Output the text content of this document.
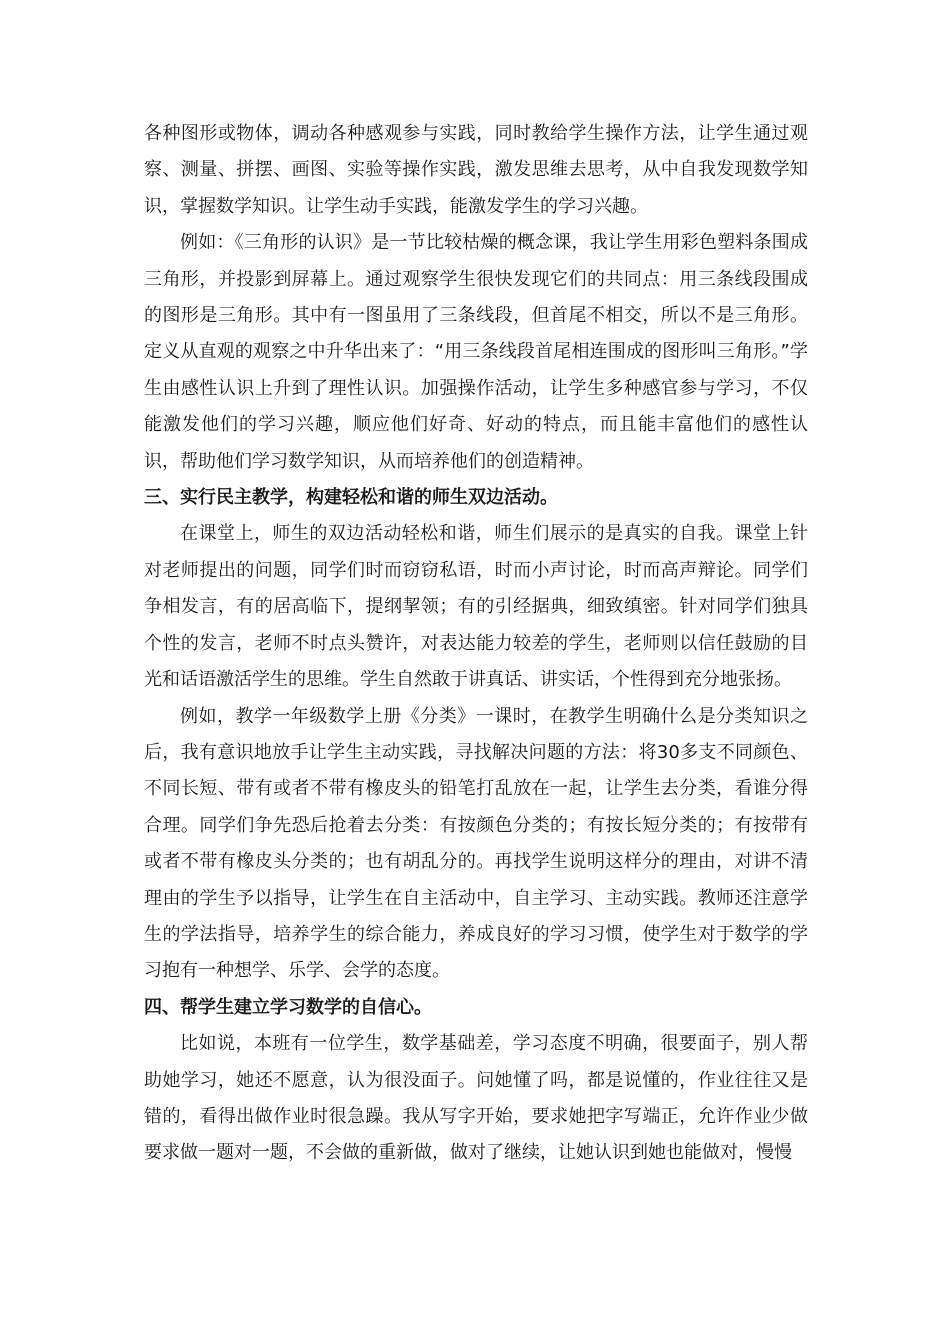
各种图形或物体，调动各种感观参与实践，同时教给学生操作方法，让学生通过观察、测量、拼摆、画图、实验等操作实践，激发思维去思考，从中自我发现数学知识，掌握数学知识。让学生动手实践，能激发学生的学习兴趣。

例如：《三角形的认识》是一节比较枯燥的概念课，我让学生用彩色塑料条围成三角形，并投影到屏幕上。通过观察学生很快发现它们的共同点：用三条线段围成的图形是三角形。其中有一图虽用了三条线段，但首尾不相交，所以不是三角形。定义从直观的观察之中升华出来了：“用三条线段首尾相连围成的图形叫三角形。”学生由感性认识上升到了理性认识。加强操作活动，让学生多种感官参与学习，不仅能激发他们的学习兴趣，顺应他们好奇、好动的特点，而且能丰富他们的感性认识，帮助他们学习数学知识，从而培养他们的创造精神。

三、实行民主教学，构建轻松和谐的师生双边活动。

在课堂上，师生的双边活动轻松和谐，师生们展示的是真实的自我。课堂上针对老师提出的问题，同学们时而窃窃私语，时而小声讨论，时而高声辩论。同学们争相发言，有的居高临下，提纲挈领；有的引经据典，细致缜密。针对同学们独具个性的发言，老师不时点头赞许，对表达能力较差的学生，老师则以信任鼓励的目光和话语激活学生的思维。学生自然敢于讲真话、讲实话，个性得到充分地张扬。

例如，教学一年级数学上册《分类》一课时，在教学生明确什么是分类知识之后，我有意识地放手让学生主动实践，寻找解决问题的方法：将30多支不同颜色、不同长短、带有或者不带有橡皮头的铅笔打乱放在一起，让学生去分类，看谁分得合理。同学们争先恐后抢着去分类：有按颜色分类的；有按长短分类的；有按带有或者不带有橡皮头分类的；也有胡乱分的。再找学生说明这样分的理由，对讲不清理由的学生予以指导，让学生在自主活动中，自主学习、主动实践。教师还注意学生的学法指导，培养学生的综合能力，养成良好的学习习惯，使学生对于数学的学习抱有一种想学、乐学、会学的态度。

四、帮学生建立学习数学的自信心。

比如说，本班有一位学生，数学基础差，学习态度不明确，很要面子，别人帮助她学习，她还不愿意，认为很没面子。问她懂了吗，都是说懂的，作业往往又是错的，看得出做作业时很急躁。我从写字开始，要求她把字写端正，允许作业少做要求做一题对一题，不会做的重新做，做对了继续，让她认识到她也能做对，慢慢
